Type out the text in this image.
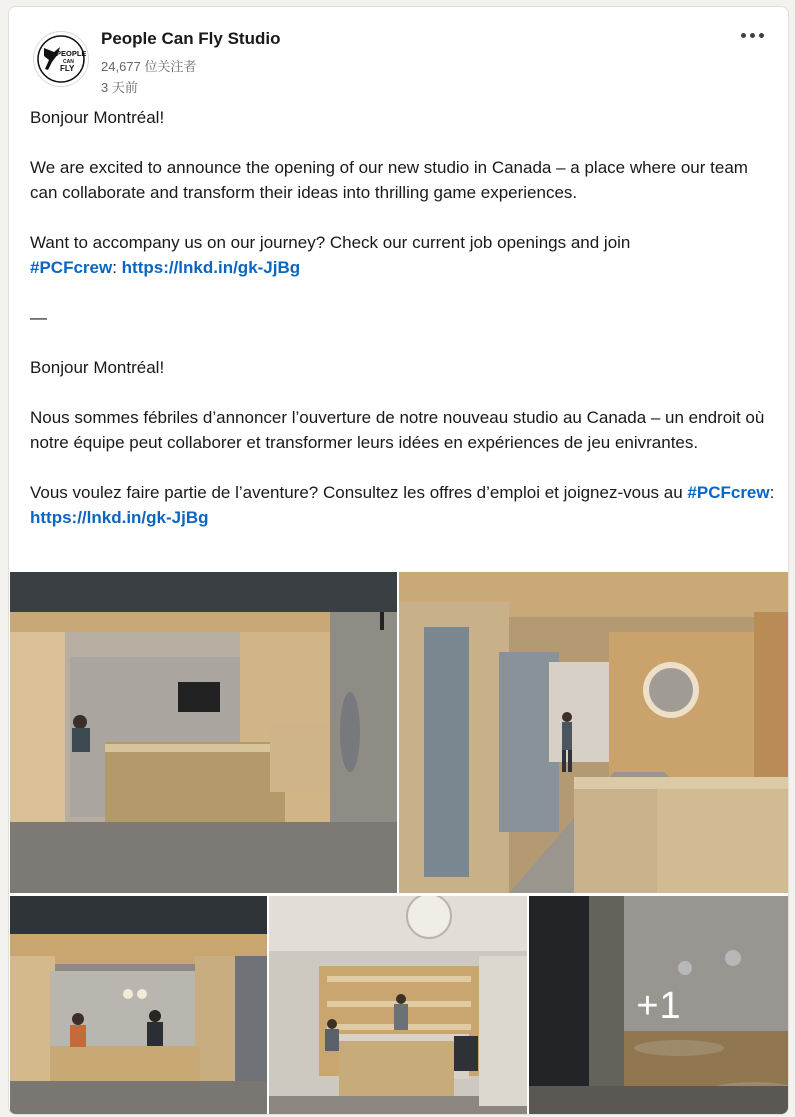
PEOPLE
CAN
FLY
People Can Fly Studio
24,677 位关注者
3 天前
Bonjour Montréal!
We are excited to announce the opening of our new studio in Canada – a place where our team can collaborate and transform their ideas into thrilling game experiences.
Want to accompany us on our journey? Check our current job openings and join
#PCFcrew: https://lnkd.in/gk-JjBg
—
Bonjour Montréal!
Nous sommes fébriles d’annoncer l’ouverture de notre nouveau studio au Canada – un endroit où notre équipe peut collaborer et transformer leurs idées en expériences de jeu enivrantes.
Vous voulez faire partie de l’aventure? Consultez les offres d’emploi et joignez-vous au #PCFcrew: https://lnkd.in/gk-JjBg
+1
